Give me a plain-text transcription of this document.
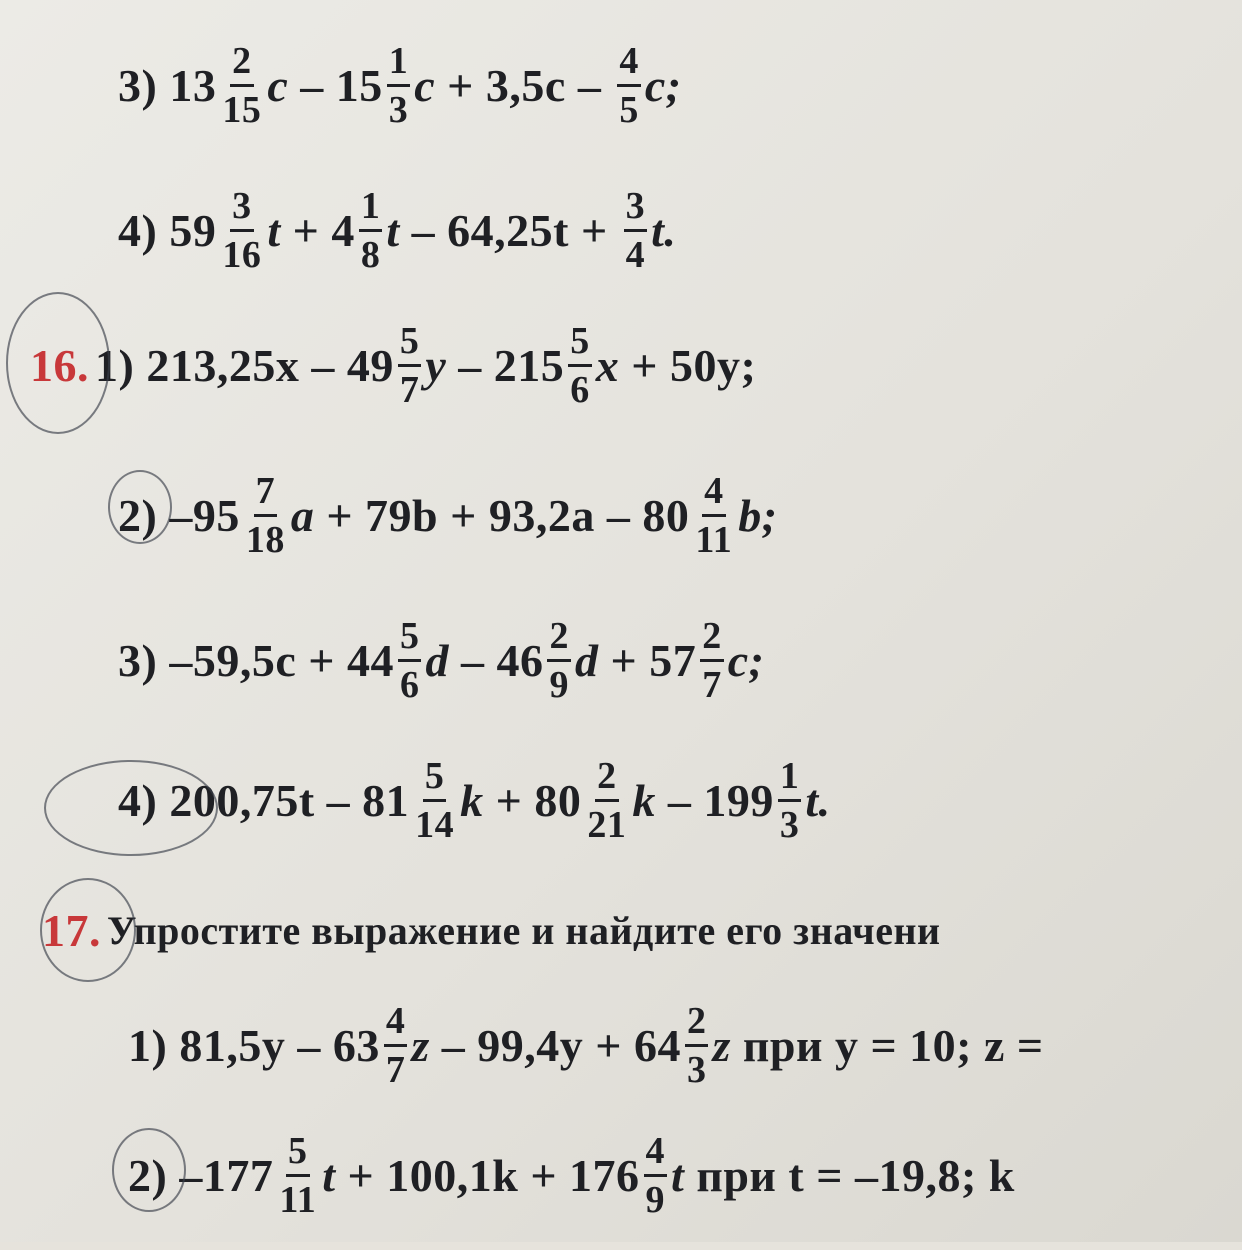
3) $13 \frac{2}{15}$ c
–
$15 \frac{1}{3}$ c
+
3,5c
–
$\frac{4}{5} c$;
4) $59 \frac{3}{16}$ t
+
$4 \frac{1}{8}$ t
–
64,25t
+
$\frac{3}{4} t$.
16. 1) 213,25x
–
$49 \frac{5}{7}$ y
–
$215 \frac{5}{6}$ x
+
50y;
2) $-95 \frac{7}{18}$ a
+
79b
+
93,2a
–
$80 \frac{4}{11} b$;
3) –59,5c
+
$44 \frac{5}{6}$ d
–
$46 \frac{2}{9}$ d
+
$57 \frac{2}{7} c$;
4) 200,75t
–
$81 \frac{5}{14}$ k
+
$80 \frac{2}{21}$ k
–
$199 \frac{1}{3} t$.
17. Упростите выражение и найдите его значени
1) 81,5y
–
$63 \frac{4}{7}$ z
–
99,4y
+
$64 \frac{2}{3}$ z
при y = 10; z =
2) $-177 \frac{5}{11}$ t
+
100,1k
+
$176 \frac{4}{9}$ t
при t = –19,8; k
